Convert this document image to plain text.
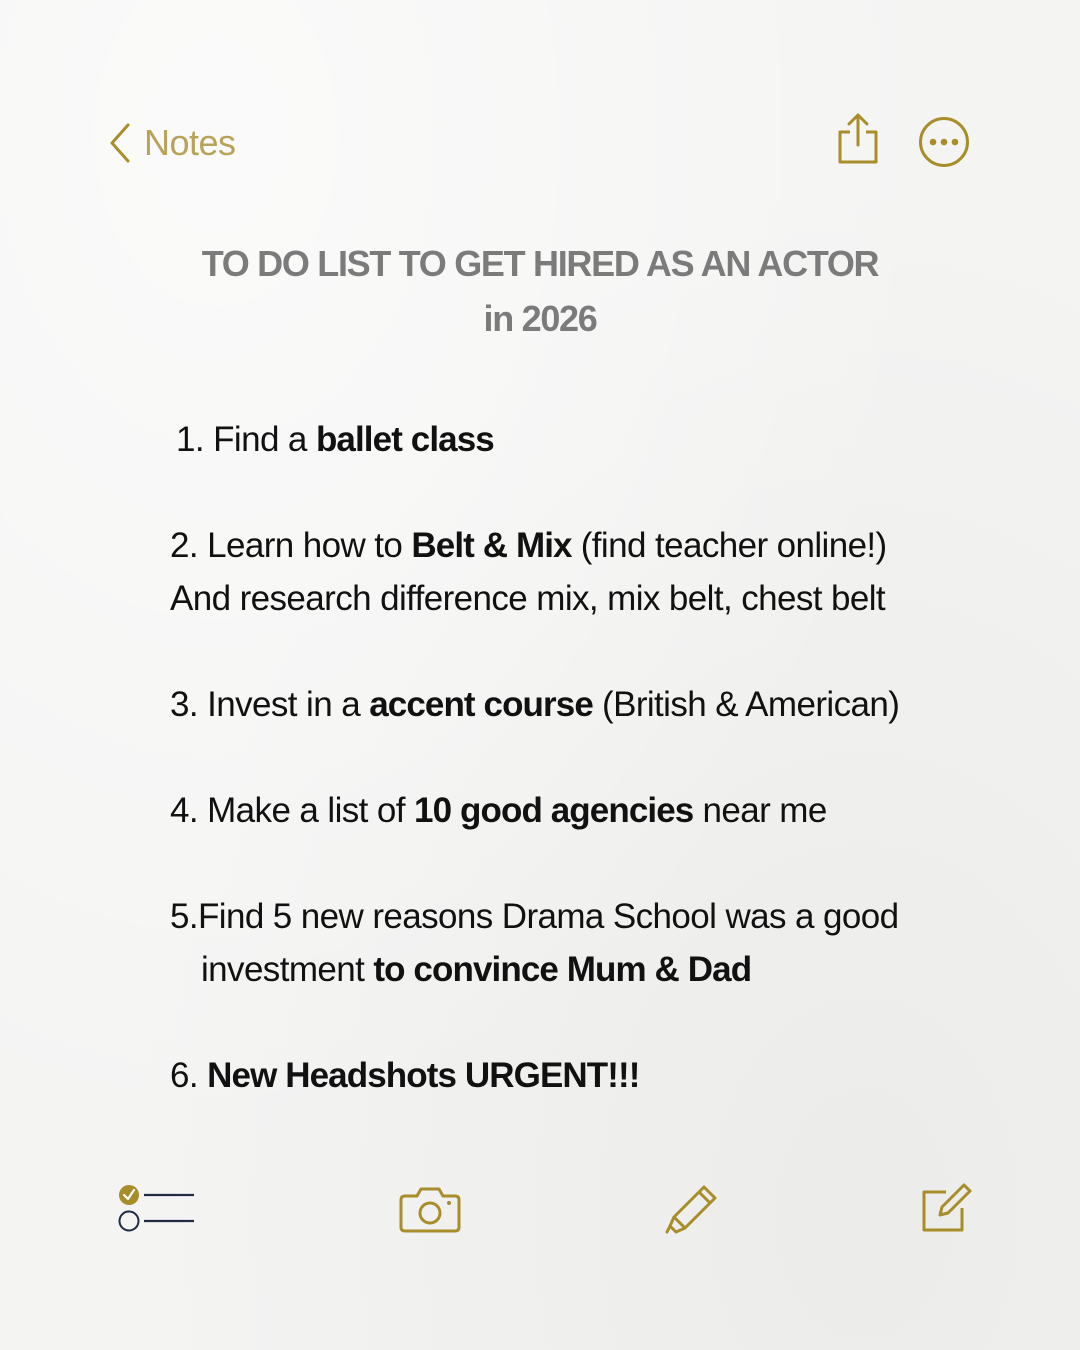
Notes
TO DO LIST TO GET HIRED AS AN ACTOR
in 2026
1. Find a ballet class
2. Learn how to Belt & Mix (find teacher online!)
And research difference mix, mix belt, chest belt
3. Invest in a accent course (British & American)
4. Make a list of 10 good agencies near me
5.Find 5 new reasons Drama School was a good
investment to convince Mum & Dad
6. New Headshots URGENT!!!
